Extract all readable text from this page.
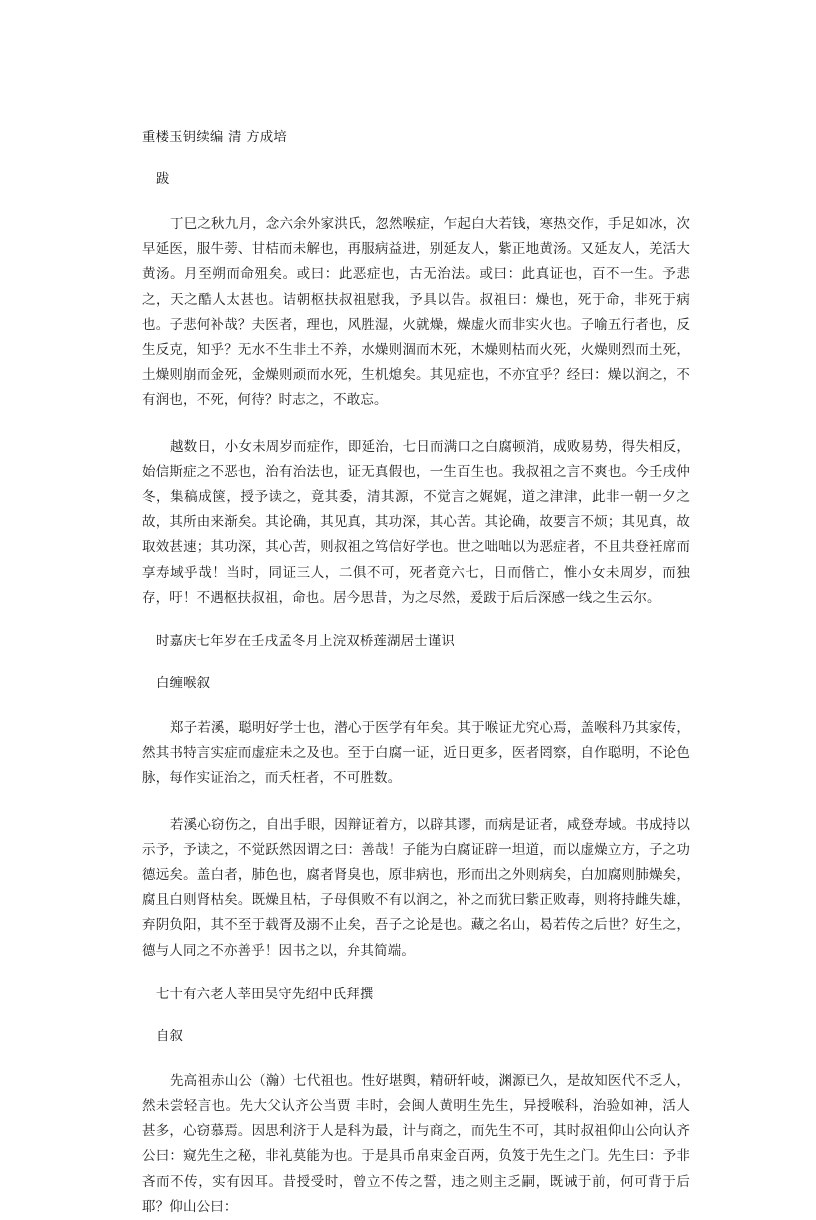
重楼玉钥续编 清 方成培
跋

丁巳之秋九月，念六余外家洪氏，忽然喉症，乍起白大若钱，寒热交作，手足如冰，次早延医，服牛蒡、甘桔而未解也，再服病益进，别延友人，紫正地黄汤。又延友人，羌活大黄汤。月至朔而命殂矣。或曰：此恶症也，古无治法。或曰：此真证也，百不一生。予悲之，天之酷人太甚也。诘朝枢扶叔祖慰我，予具以告。叔祖曰：燥也，死于命，非死于病也。子悲何补哉？夫医者，理也，风胜湿，火就燥，燥虚火而非实火也。子喻五行者也，反生反克，知乎？无水不生非土不养，水燥则涸而木死，木燥则枯而火死，火燥则烈而土死，土燥则崩而金死，金燥则顽而水死，生机熄矣。其见症也，不亦宜乎？经曰：燥以润之，不有润也，不死，何待？时志之，不敢忘。

越数日，小女未周岁而症作，即延治，七日而满口之白腐顿消，成败易势，得失相反，始信斯症之不恶也，治有治法也，证无真假也，一生百生也。我叔祖之言不爽也。今壬戌仲冬，集稿成箧，授予读之，竟其委，清其源，不觉言之娓娓，道之津津，此非一朝一夕之故，其所由来渐矣。其论确，其见真，其功深，其心苦。其论确，故要言不烦；其见真，故取效甚速；其功深，其心苦，则叔祖之笃信好学也。世之咄咄以为恶症者，不且共登衽席而享寿域乎哉！当时，同证三人，二俱不可，死者竟六七，日而偕亡，惟小女未周岁，而独存，吁！不遇枢扶叔祖，命也。居今思昔，为之尽然，爰跋于后后深感一线之生云尔。

时嘉庆七年岁在壬戌孟冬月上浣双桥莲湖居士谨识
白缠喉叙

郑子若溪，聪明好学士也，潜心于医学有年矣。其于喉证尤究心焉，盖喉科乃其家传，然其书特言实症而虚症未之及也。至于白腐一证，近日更多，医者罔察，自作聪明，不论色脉，每作实证治之，而夭枉者，不可胜数。

若溪心窃伤之，自出手眼，因辩证着方，以辟其谬，而病是证者，咸登寿域。书成持以示予，予读之，不觉跃然因谓之曰：善哉！子能为白腐证辟一坦道，而以虚燥立方，子之功德远矣。盖白者，肺色也，腐者肾臭也，原非病也，形而出之外则病矣，白加腐则肺燥矣，腐且白则肾枯矣。既燥且枯，子母俱败不有以润之，补之而犹曰紫正败毒，则将持雌失雄，弃阴负阳，其不至于载胥及溺不止矣，吾子之论是也。藏之名山，曷若传之后世？好生之，德与人同之不亦善乎！因书之以，弁其简端。

七十有六老人莘田吴守先绍中氏拜撰
自叙

先高祖赤山公（瀚）七代祖也。性好堪舆，精研轩岐，渊源已久，是故知医代不乏人，然未尝轻言也。先大父认齐公当贾 丰时，会闽人黄明生先生，异授喉科，治验如神，活人甚多，心窃慕焉。因思利济于人是科为最，计与商之，而先生不可，其时叔祖仰山公向认齐公曰：窥先生之秘，非礼莫能为也。于是具币帛束金百两，负笈于先生之门。先生曰：予非吝而不传，实有因耳。昔授受时，曾立不传之誓，违之则主乏嗣，既诫于前，何可背于后耶？仰山公曰：
